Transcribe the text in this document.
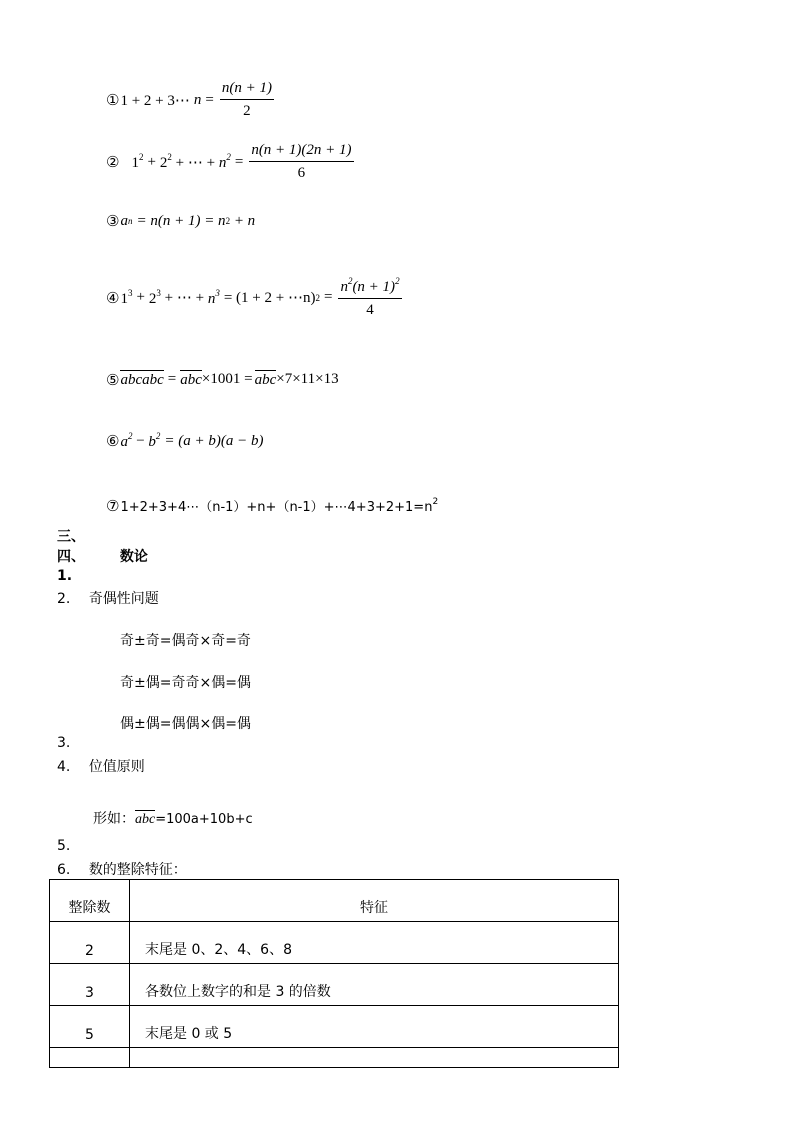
① 1 + 2 + 3⋯ $n = \frac{n(n + 1)}{2}$
② $1^2 + 2^2$ + ⋯ + $n^2 = \frac{n(n + 1)(2n + 1)}{6}$
③ a n = n(n + 1) = n 2 + n
④ $1^3 + 2^3$ + ⋯ + $n^3 = (1 + 2$ + ⋯n) $2 = \frac{n^2(n + 1)^2}{4}$
⑤ abcabc = abc ×1001 = abc ×7×11×13
⑥ $a^2 - b^2 = (a + b)(a - b)$
$⑦1+2+3+4\cdots(n-1)+n+(n-1)+\cdots 4+3+2+1=n^2$
三、
四、 数论
1.
2. 奇偶性问题
奇±奇=偶奇×奇=奇
奇±偶=奇奇×偶=偶
偶±偶=偶偶×偶=偶
3.
4. 位值原则
形如：abc=100a+10b+c
5.
6. 数的整除特征：
整除数	特征
2	末尾是 0、2、4、6、8
3	各数位上数字的和是 3 的倍数
5	末尾是 0 或 5
